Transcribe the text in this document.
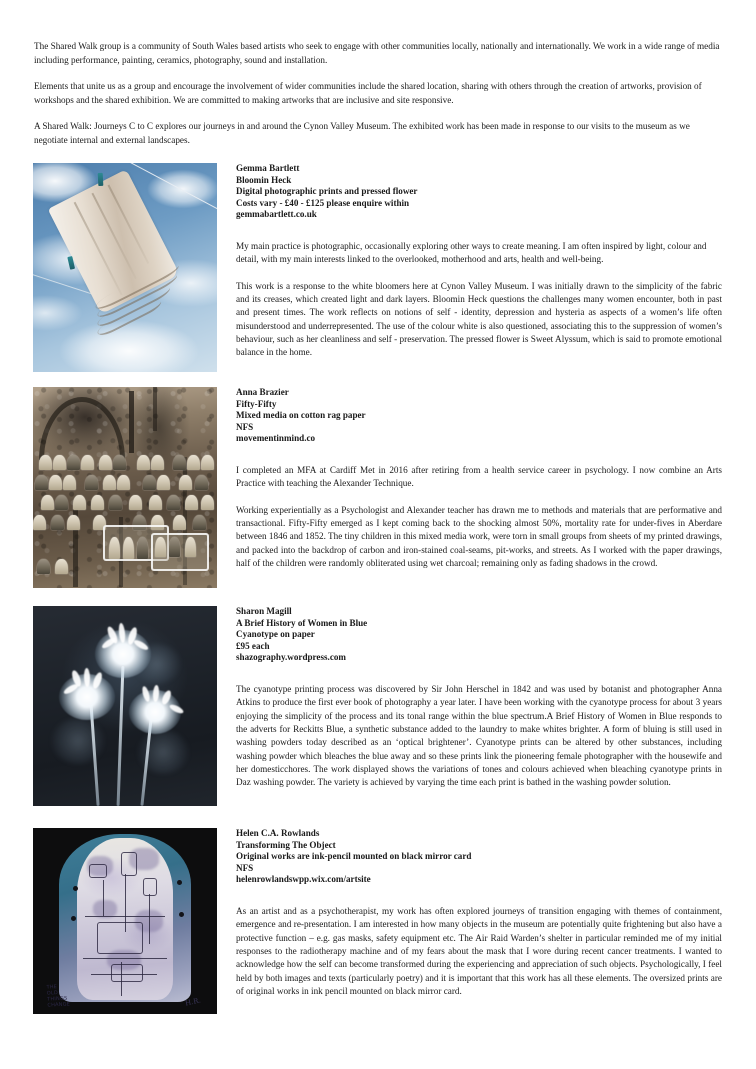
The Shared Walk group is a community of South Wales based artists who seek to engage with other communities locally, nationally and internationally. We work in a wide range of media including performance, painting, ceramics, photography, sound and installation.

Elements that unite us as a group and encourage the involvement of wider communities include the shared location, sharing with others through the creation of artworks, provision of workshops and the shared exhibition. We are committed to making artworks that are inclusive and site responsive.

A Shared Walk: Journeys C to C explores our journeys in and around the Cynon Valley Museum. The exhibited work has been made in response to our visits to the museum as we negotiate internal and external landscapes.

Gemma Bartlett
Bloomin Heck
Digital photographic prints and pressed flower
Costs vary - £40 - £125 please enquire within
gemmabartlett.co.uk

My main practice is photographic, occasionally exploring other ways to create meaning. I am often inspired by light, colour and detail, with my main interests linked to the overlooked, motherhood and arts, health and well-being.

This work is a response to the white bloomers here at Cynon Valley Museum. I was initially drawn to the simplicity of the fabric and its creases, which created light and dark layers. Bloomin Heck questions the challenges many women encounter, both in past and present times. The work reflects on notions of self - identity, depression and hysteria as aspects of a women’s life often misunderstood and underrepresented. The use of the colour white is also questioned, associating this to the suppression of women’s behaviour, such as her cleanliness and self - preservation. The pressed flower is Sweet Alyssum, which is said to promote emotional balance in the home.

Anna Brazier
Fifty-Fifty
Mixed media on cotton rag paper
NFS
movementinmind.co

I completed an MFA at Cardiff Met in 2016 after retiring from a health service career in psychology. I now combine an Arts Practice with teaching the Alexander Technique.

Working experientially as a Psychologist and Alexander teacher has drawn me to methods and materials that are performative and transactional. Fifty-Fifty emerged as I kept coming back to the shocking almost 50%, mortality rate for under-fives in Aberdare between 1846 and 1852. The tiny children in this mixed media work, were torn in small groups from sheets of my printed drawings, and packed into the backdrop of carbon and iron-stained coal-seams, pit-works, and streets. As I worked with the paper drawings, half of the children were randomly obliterated using wet charcoal; remaining only as fading shadows in the crowd.

Sharon Magill
A Brief History of Women in Blue
Cyanotype on paper
£95 each
shazography.wordpress.com

The cyanotype printing process was discovered by Sir John Herschel in 1842 and was used by botanist and photographer Anna Atkins to produce the first ever book of photography a year later. I have been working with the cyanotype process for about 3 years enjoying the simplicity of the process and its tonal range within the blue spectrum.A Brief History of Women in Blue responds to the adverts for Reckitts Blue, a synthetic substance added to the laundry to make whites brighter. A form of bluing is still used in washing powders today described as an ‘optical brightener’. Cyanotype prints can be altered by other substances, including washing powder which bleaches the blue away and so these prints link the pioneering female photographer with the housewife and her domesticchores. The work displayed shows the variations of tones and colours achieved when bleaching cyanotype prints in Daz washing powder. The variety is achieved by varying the time each print is bathed in the washing powder solution.

THE
OLD
THINGS
CHANGE	H.R.
Helen C.A. Rowlands
Transforming The Object
Original works are ink-pencil mounted on black mirror card
NFS
helenrowlandswpp.wix.com/artsite

As an artist and as a psychotherapist, my work has often explored journeys of transition engaging with themes of containment, emergence and re-presentation. I am interested in how many objects in the museum are potentially quite frightening but also have a protective function – e.g. gas masks, safety equipment etc. The Air Raid Warden’s shelter in particular reminded me of my initial responses to the radiotherapy machine and of my fears about the mask that I wore during recent cancer treatments. I wanted to acknowledge how the self can become transformed during the experiencing and appreciation of such objects. Psychologically, I feel held by both images and texts (particularly poetry) and it is important that this work has all these elements. The oversized prints are of original works in ink pencil mounted on black mirror card.
